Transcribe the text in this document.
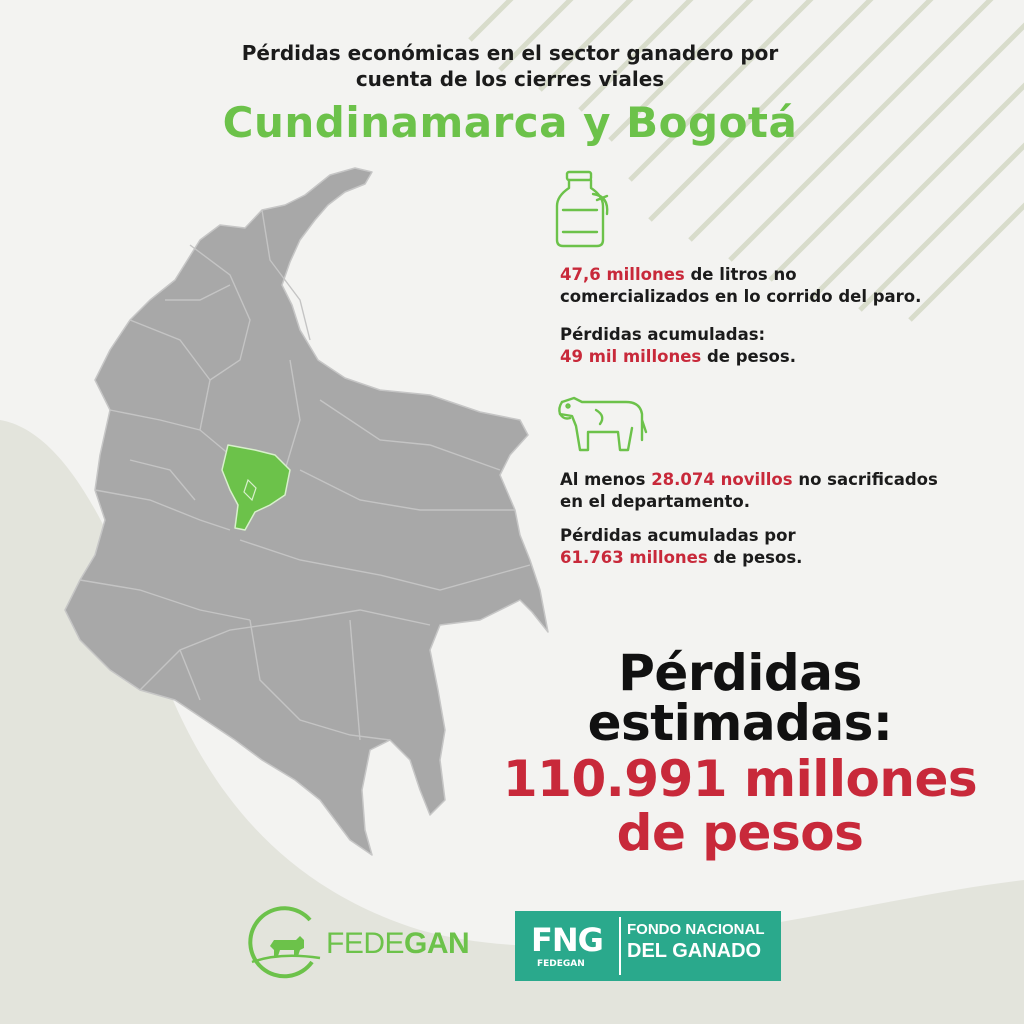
Pérdidas económicas en el sector ganadero por
cuenta de los cierres viales
Cundinamarca y Bogotá
47,6 millones de litros no
comercializados en lo corrido del paro.
Pérdidas acumuladas:
49 mil millones de pesos.
Al menos 28.074 novillos no sacrificados
en el departamento.
Pérdidas acumuladas por
61.763 millones de pesos.
Pérdidas
estimadas:
110.991 millones
de pesos
FEDEGAN FNG
FEDEGAN
FONDO NACIONAL
DEL GANADO
